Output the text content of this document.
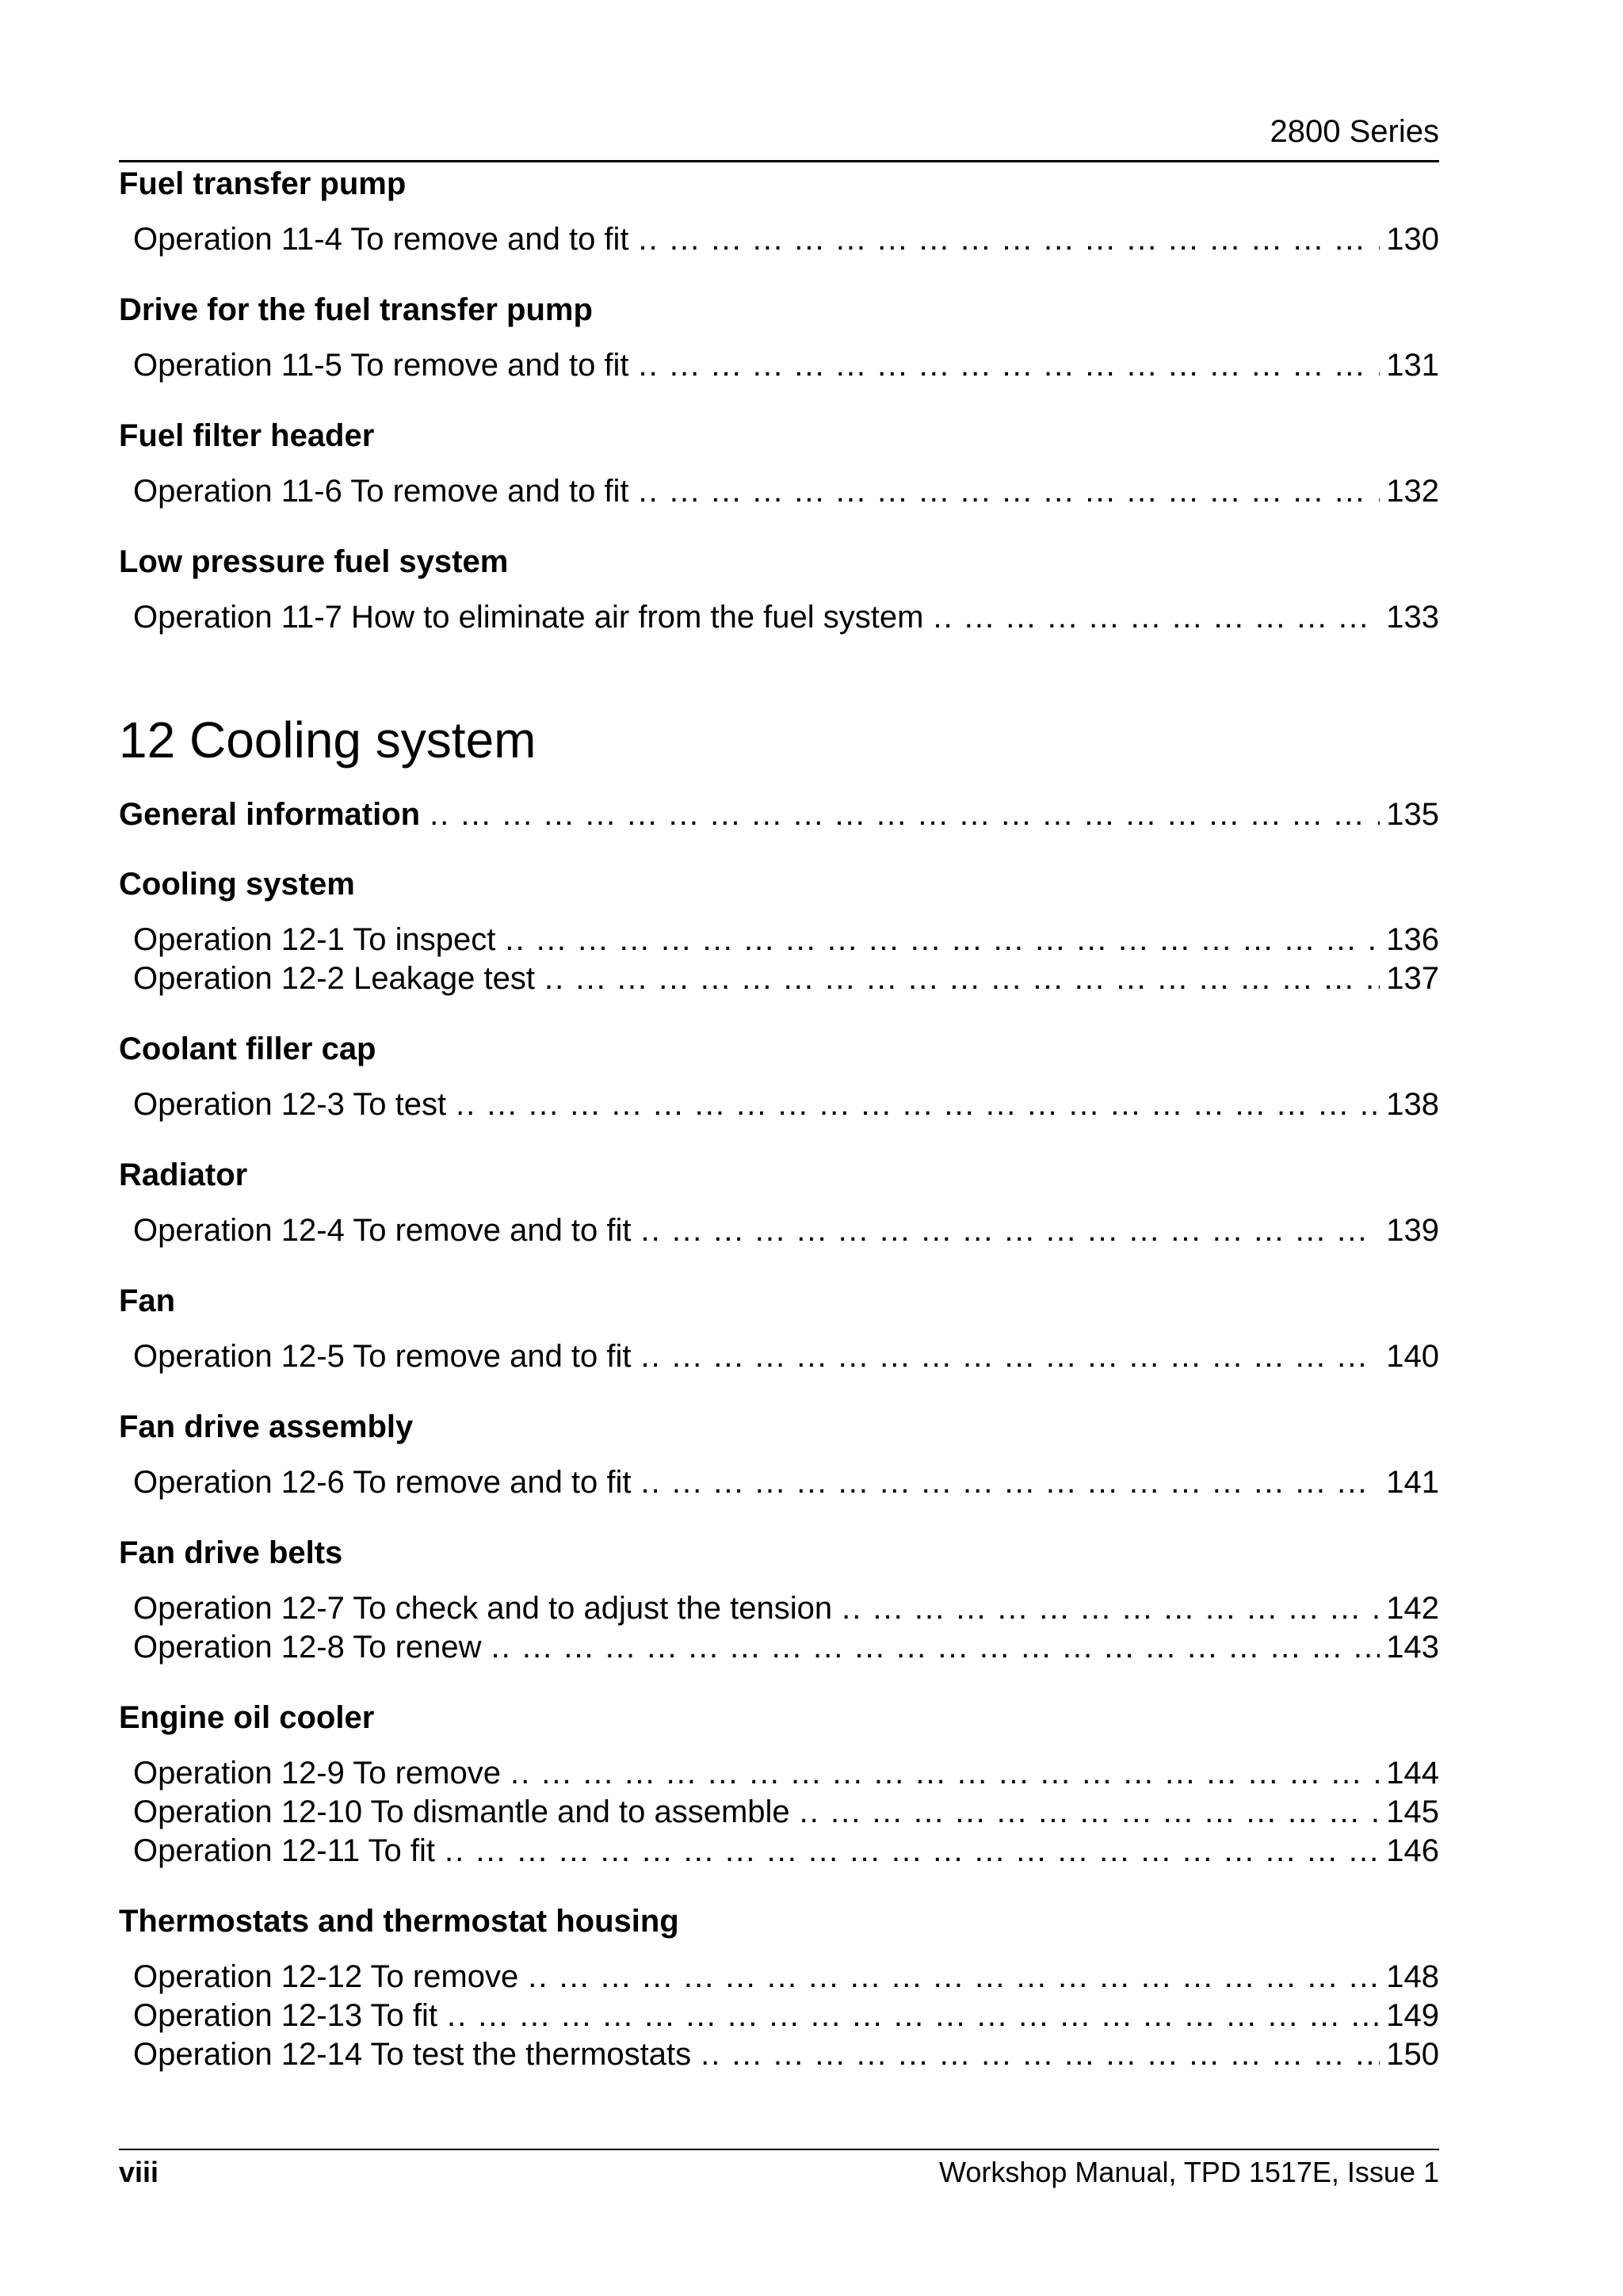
2800 Series
Fuel transfer pump
Operation 11-4 To remove and to fit .. ..	130
Drive for the fuel transfer pump
Operation 11-5 To remove and to fit .. ..	131
Fuel filter header
Operation 11-6 To remove and to fit .. ..	132
Low pressure fuel system
Operation 11-7 How to eliminate air from the fuel system .. ..	133
12 Cooling system
General information .. ..	135
Cooling system
Operation 12-1 To inspect .. ..	136
Operation 12-2 Leakage test .. ..	137
Coolant filler cap
Operation 12-3 To test .. ..	138
Radiator
Operation 12-4 To remove and to fit .. ..	139
Fan
Operation 12-5 To remove and to fit .. ..	140
Fan drive assembly
Operation 12-6 To remove and to fit .. ..	141
Fan drive belts
Operation 12-7 To check and to adjust the tension .. ..	142
Operation 12-8 To renew .. ..	143
Engine oil cooler
Operation 12-9 To remove .. ..	144
Operation 12-10 To dismantle and to assemble .. ..	145
Operation 12-11 To fit .. ..	146
Thermostats and thermostat housing
Operation 12-12 To remove .. ..	148
Operation 12-13 To fit .. ..	149
Operation 12-14 To test the thermostats .. ..	150
viii	Workshop Manual, TPD 1517E, Issue 1
